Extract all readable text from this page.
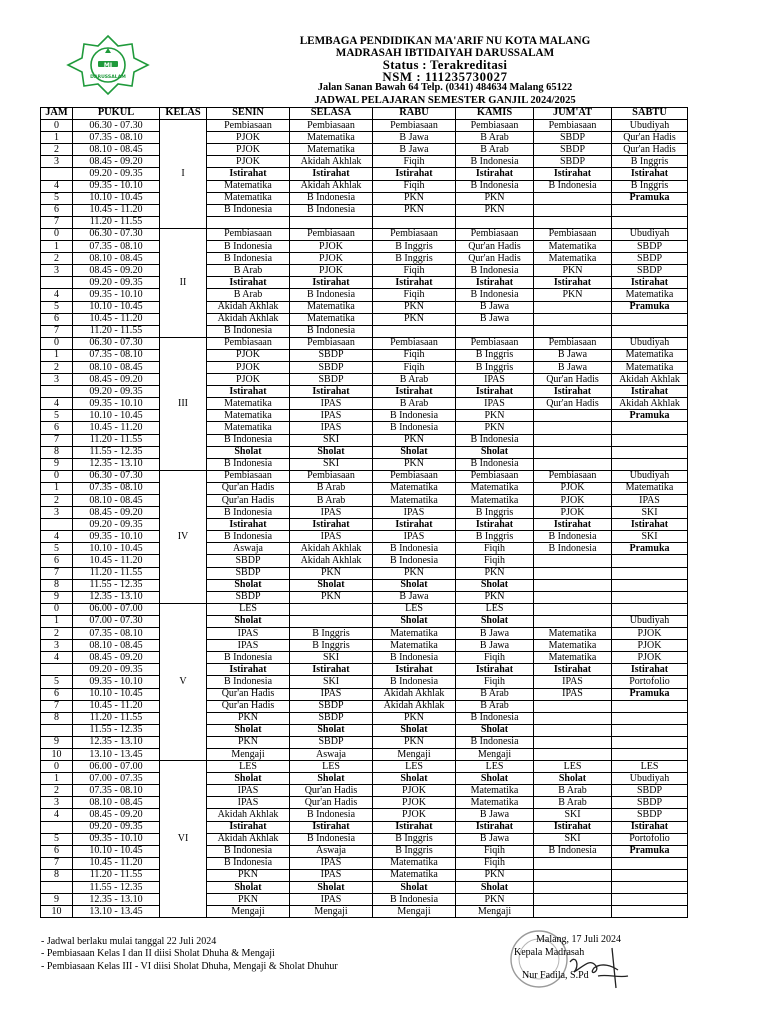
MI
DARUSSALAM
LEMBAGA PENDIDIKAN MA'ARIF NU KOTA MALANG
MADRASAH IBTIDAIYAH DARUSSALAM
Status : Terakreditasi
NSM : 111235730027
Jalan Sanan Bawah 64 Telp. (0341) 484634 Malang 65122
JADWAL PELAJARAN SEMESTER GANJIL 2024/2025
JAM	PUKUL	KELAS	SENIN	SELASA	RABU	KAMIS	JUM'AT	SABTU
0	06.30 - 07.30	I	Pembiasaan	Pembiasaan	Pembiasaan	Pembiasaan	Pembiasaan	Ubudiyah
1	07.35 - 08.10		PJOK	Matematika	B Jawa	B Arab	SBDP	Qur'an Hadis
2	08.10 - 08.45		PJOK	Matematika	B Jawa	B Arab	SBDP	Qur'an Hadis
3	08.45 - 09.20		PJOK	Akidah Akhlak	Fiqih	B Indonesia	SBDP	B Inggris
	09.20 - 09.35		Istirahat	Istirahat	Istirahat	Istirahat	Istirahat	Istirahat
4	09.35 - 10.10		Matematika	Akidah Akhlak	Fiqih	B Indonesia	B Indonesia	B Inggris
5	10.10 - 10.45		Matematika	B Indonesia	PKN	PKN		Pramuka
6	10.45 - 11.20		B Indonesia	B Indonesia	PKN	PKN		
7	11.20 - 11.55							
0	06.30 - 07.30	II	Pembiasaan	Pembiasaan	Pembiasaan	Pembiasaan	Pembiasaan	Ubudiyah
1	07.35 - 08.10		B Indonesia	PJOK	B Inggris	Qur'an Hadis	Matematika	SBDP
2	08.10 - 08.45		B Indonesia	PJOK	B Inggris	Qur'an Hadis	Matematika	SBDP
3	08.45 - 09.20		B Arab	PJOK	Fiqih	B Indonesia	PKN	SBDP
	09.20 - 09.35		Istirahat	Istirahat	Istirahat	Istirahat	Istirahat	Istirahat
4	09.35 - 10.10		B Arab	B Indonesia	Fiqih	B Indonesia	PKN	Matematika
5	10.10 - 10.45		Akidah Akhlak	Matematika	PKN	B Jawa		Pramuka
6	10.45 - 11.20		Akidah Akhlak	Matematika	PKN	B Jawa		
7	11.20 - 11.55		B Indonesia	B Indonesia				
0	06.30 - 07.30	III	Pembiasaan	Pembiasaan	Pembiasaan	Pembiasaan	Pembiasaan	Ubudiyah
1	07.35 - 08.10		PJOK	SBDP	Fiqih	B Inggris	B Jawa	Matematika
2	08.10 - 08.45		PJOK	SBDP	Fiqih	B Inggris	B Jawa	Matematika
3	08.45 - 09.20		PJOK	SBDP	B Arab	IPAS	Qur'an Hadis	Akidah Akhlak
	09.20 - 09.35		Istirahat	Istirahat	Istirahat	Istirahat	Istirahat	Istirahat
4	09.35 - 10.10		Matematika	IPAS	B Arab	IPAS	Qur'an Hadis	Akidah Akhlak
5	10.10 - 10.45		Matematika	IPAS	B Indonesia	PKN		Pramuka
6	10.45 - 11.20		Matematika	IPAS	B Indonesia	PKN		
7	11.20 - 11.55		B Indonesia	SKI	PKN	B Indonesia		
8	11.55 - 12.35		Sholat	Sholat	Sholat	Sholat		
9	12.35 - 13.10		B Indonesia	SKI	PKN	B Indonesia		
0	06.30 - 07.30	IV	Pembiasaan	Pembiasaan	Pembiasaan	Pembiasaan	Pembiasaan	Ubudiyah
1	07.35 - 08.10		Qur'an Hadis	B Arab	Matematika	Matematika	PJOK	Matematika
2	08.10 - 08.45		Qur'an Hadis	B Arab	Matematika	Matematika	PJOK	IPAS
3	08.45 - 09.20		B Indonesia	IPAS	IPAS	B Inggris	PJOK	SKI
	09.20 - 09.35		Istirahat	Istirahat	Istirahat	Istirahat	Istirahat	Istirahat
4	09.35 - 10.10		B Indonesia	IPAS	IPAS	B Inggris	B Indonesia	SKI
5	10.10 - 10.45		Aswaja	Akidah Akhlak	B Indonesia	Fiqih	B Indonesia	Pramuka
6	10.45 - 11.20		SBDP	Akidah Akhlak	B Indonesia	Fiqih		
7	11.20 - 11.55		SBDP	PKN	PKN	PKN		
8	11.55 - 12.35		Sholat	Sholat	Sholat	Sholat		
9	12.35 - 13.10		SBDP	PKN	B Jawa	PKN		
0	06.00 - 07.00	V	LES		LES	LES		
1	07.00 - 07.30		Sholat		Sholat	Sholat		Ubudiyah
2	07.35 - 08.10		IPAS	B Inggris	Matematika	B Jawa	Matematika	PJOK
3	08.10 - 08.45		IPAS	B Inggris	Matematika	B Jawa	Matematika	PJOK
4	08.45 - 09.20		B Indonesia	SKI	B Indonesia	Fiqih	Matematika	PJOK
	09.20 - 09.35		Istirahat	Istirahat	Istirahat	Istirahat	Istirahat	Istirahat
5	09.35 - 10.10		B Indonesia	SKI	B Indonesia	Fiqih	IPAS	Portofolio
6	10.10 - 10.45		Qur'an Hadis	IPAS	Akidah Akhlak	B Arab	IPAS	Pramuka
7	10.45 - 11.20		Qur'an Hadis	SBDP	Akidah Akhlak	B Arab		
8	11.20 - 11.55		PKN	SBDP	PKN	B Indonesia		
	11.55 - 12.35		Sholat	Sholat	Sholat	Sholat		
9	12.35 - 13.10		PKN	SBDP	PKN	B Indonesia		
10	13.10 - 13.45		Mengaji	Aswaja	Mengaji	Mengaji		
0	06.00 - 07.00	VI	LES	LES	LES	LES	LES	LES
1	07.00 - 07.35		Sholat	Sholat	Sholat	Sholat	Sholat	Ubudiyah
2	07.35 - 08.10		IPAS	Qur'an Hadis	PJOK	Matematika	B Arab	SBDP
3	08.10 - 08.45		IPAS	Qur'an Hadis	PJOK	Matematika	B Arab	SBDP
4	08.45 - 09.20		Akidah Akhlak	B Indonesia	PJOK	B Jawa	SKI	SBDP
	09.20 - 09.35		Istirahat	Istirahat	Istirahat	Istirahat	Istirahat	Istirahat
5	09.35 - 10.10		Akidah Akhlak	B Indonesia	B Inggris	B Jawa	SKI	Portofolio
6	10.10 - 10.45		B Indonesia	Aswaja	B Inggris	Fiqih	B Indonesia	Pramuka
7	10.45 - 11.20		B Indonesia	IPAS	Matematika	Fiqih		
8	11.20 - 11.55		PKN	IPAS	Matematika	PKN		
	11.55 - 12.35		Sholat	Sholat	Sholat	Sholat		
9	12.35 - 13.10		PKN	IPAS	B Indonesia	PKN		
10	13.10 - 13.45		Mengaji	Mengaji	Mengaji	Mengaji		
- Jadwal berlaku mulai tanggal 22 Juli 2024
- Pembiasaan Kelas I dan II diisi Sholat Dhuha & Mengaji
- Pembiasaan Kelas III - VI diisi Sholat Dhuha, Mengaji & Sholat Dhuhur
Malang, 17 Juli 2024
Kepala Madrasah
Nur Fadila, S.Pd
